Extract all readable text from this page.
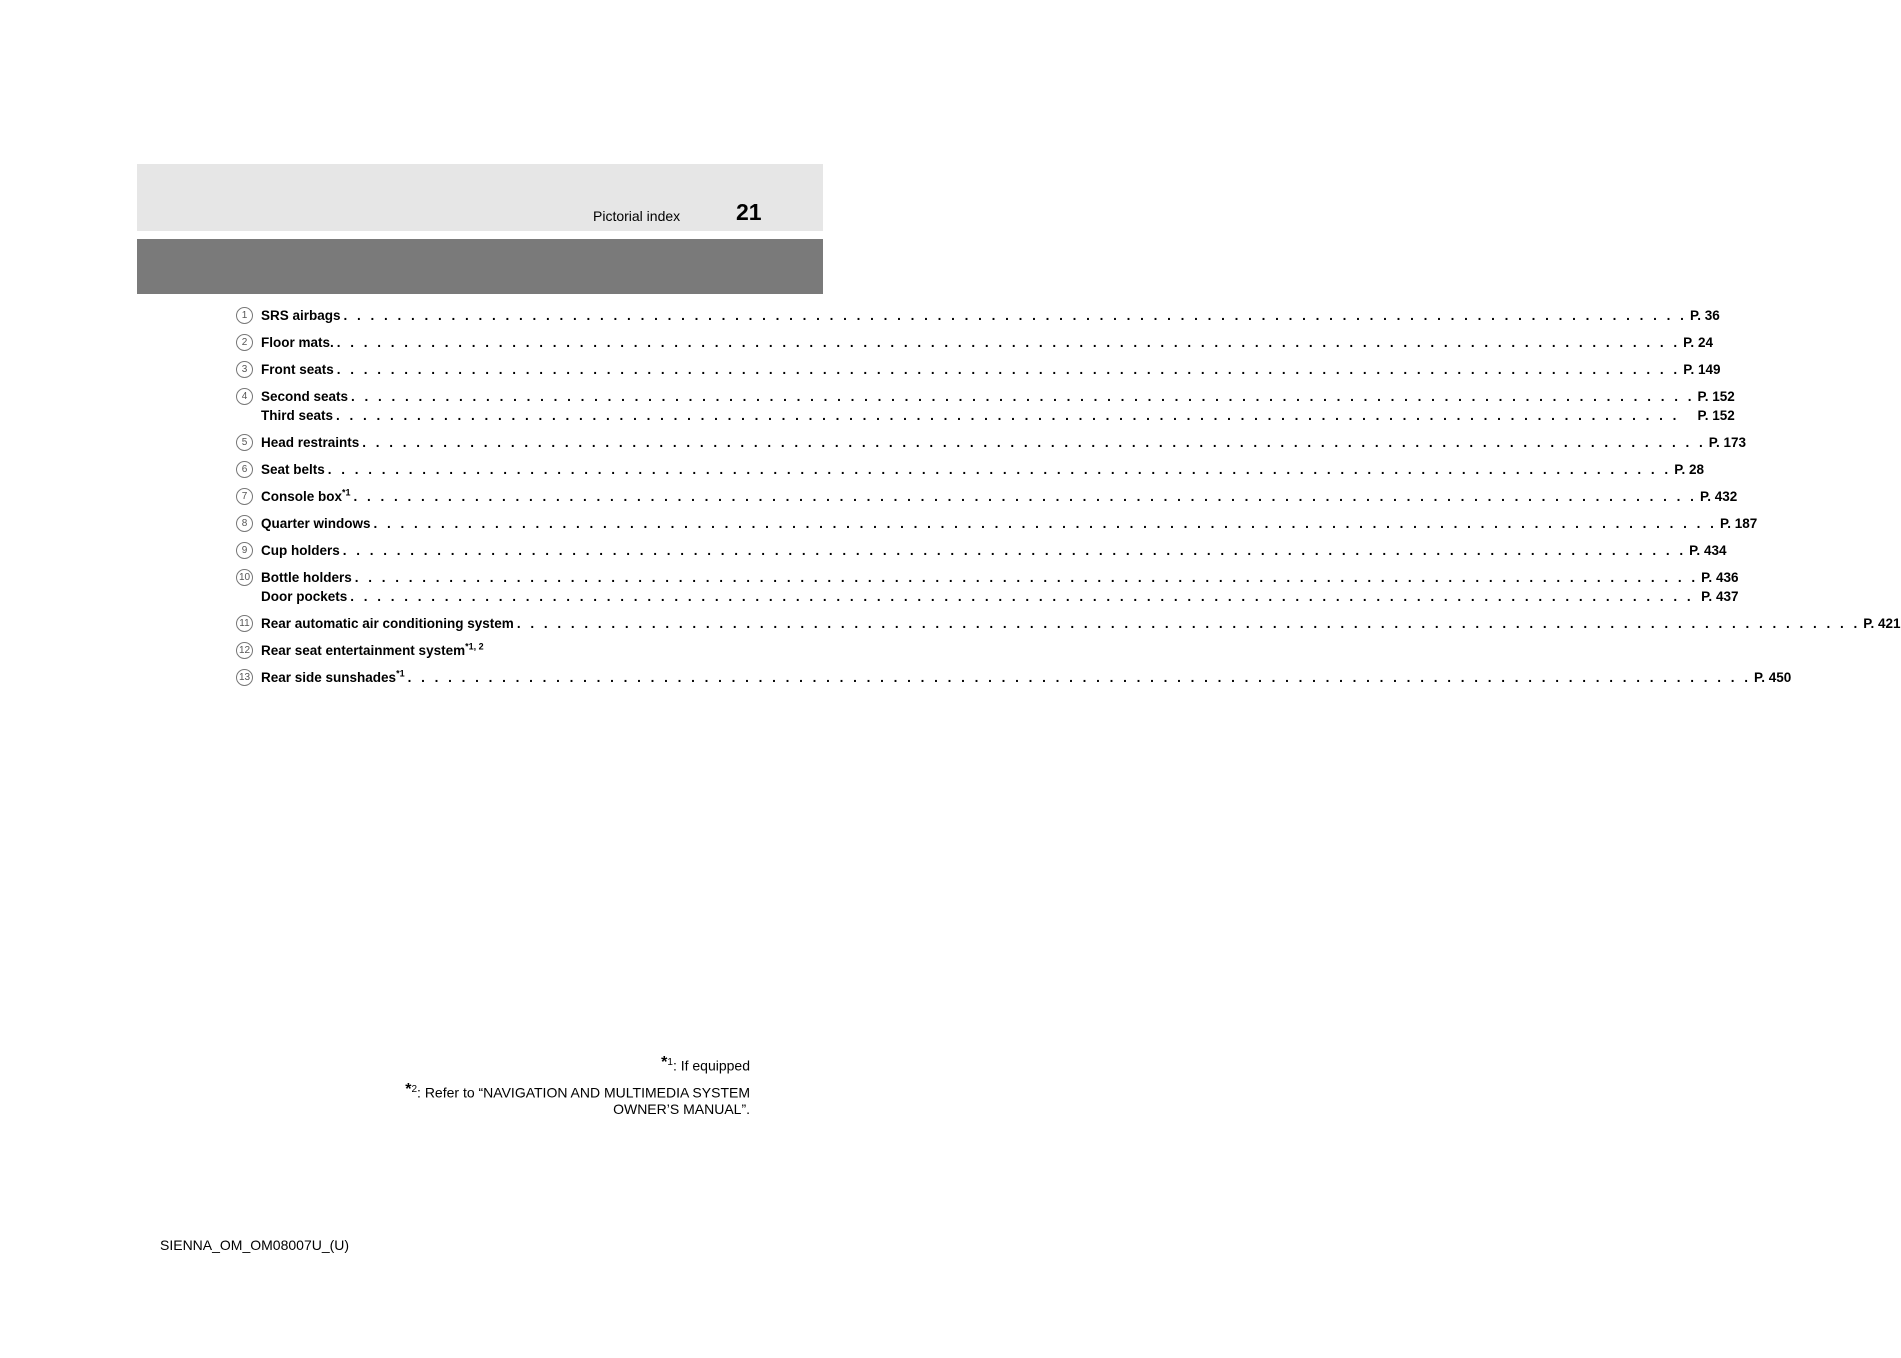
Pictorial index 21
1	SRS airbags . . .	P. 36
2	Floor mats. . . .	P. 24
3	Front seats . . .	P. 149
4	Second seats . . .	P. 152
Third seats . . .	P. 152
5	Head restraints . . .	P. 173
6	Seat belts . . .	P. 28
7	Console box$^{*1}$ . . .	P. 432
8	Quarter windows . . .	P. 187
9	Cup holders . . .	P. 434
10 Bottle holders . . .	P. 436
Door pockets . . .	P. 437
11 Rear automatic air conditioning system . . .	P. 421
12 Rear seat entertainment system$^{*1, 2}$
13 Rear side sunshades$^{*1}$ . . .	P. 450
*$^1$: If equipped
*$^2$: Refer to “NAVIGATION AND MULTIMEDIA SYSTEM
OWNER’S MANUAL”.
SIENNA_OM_OM08007U_(U)
